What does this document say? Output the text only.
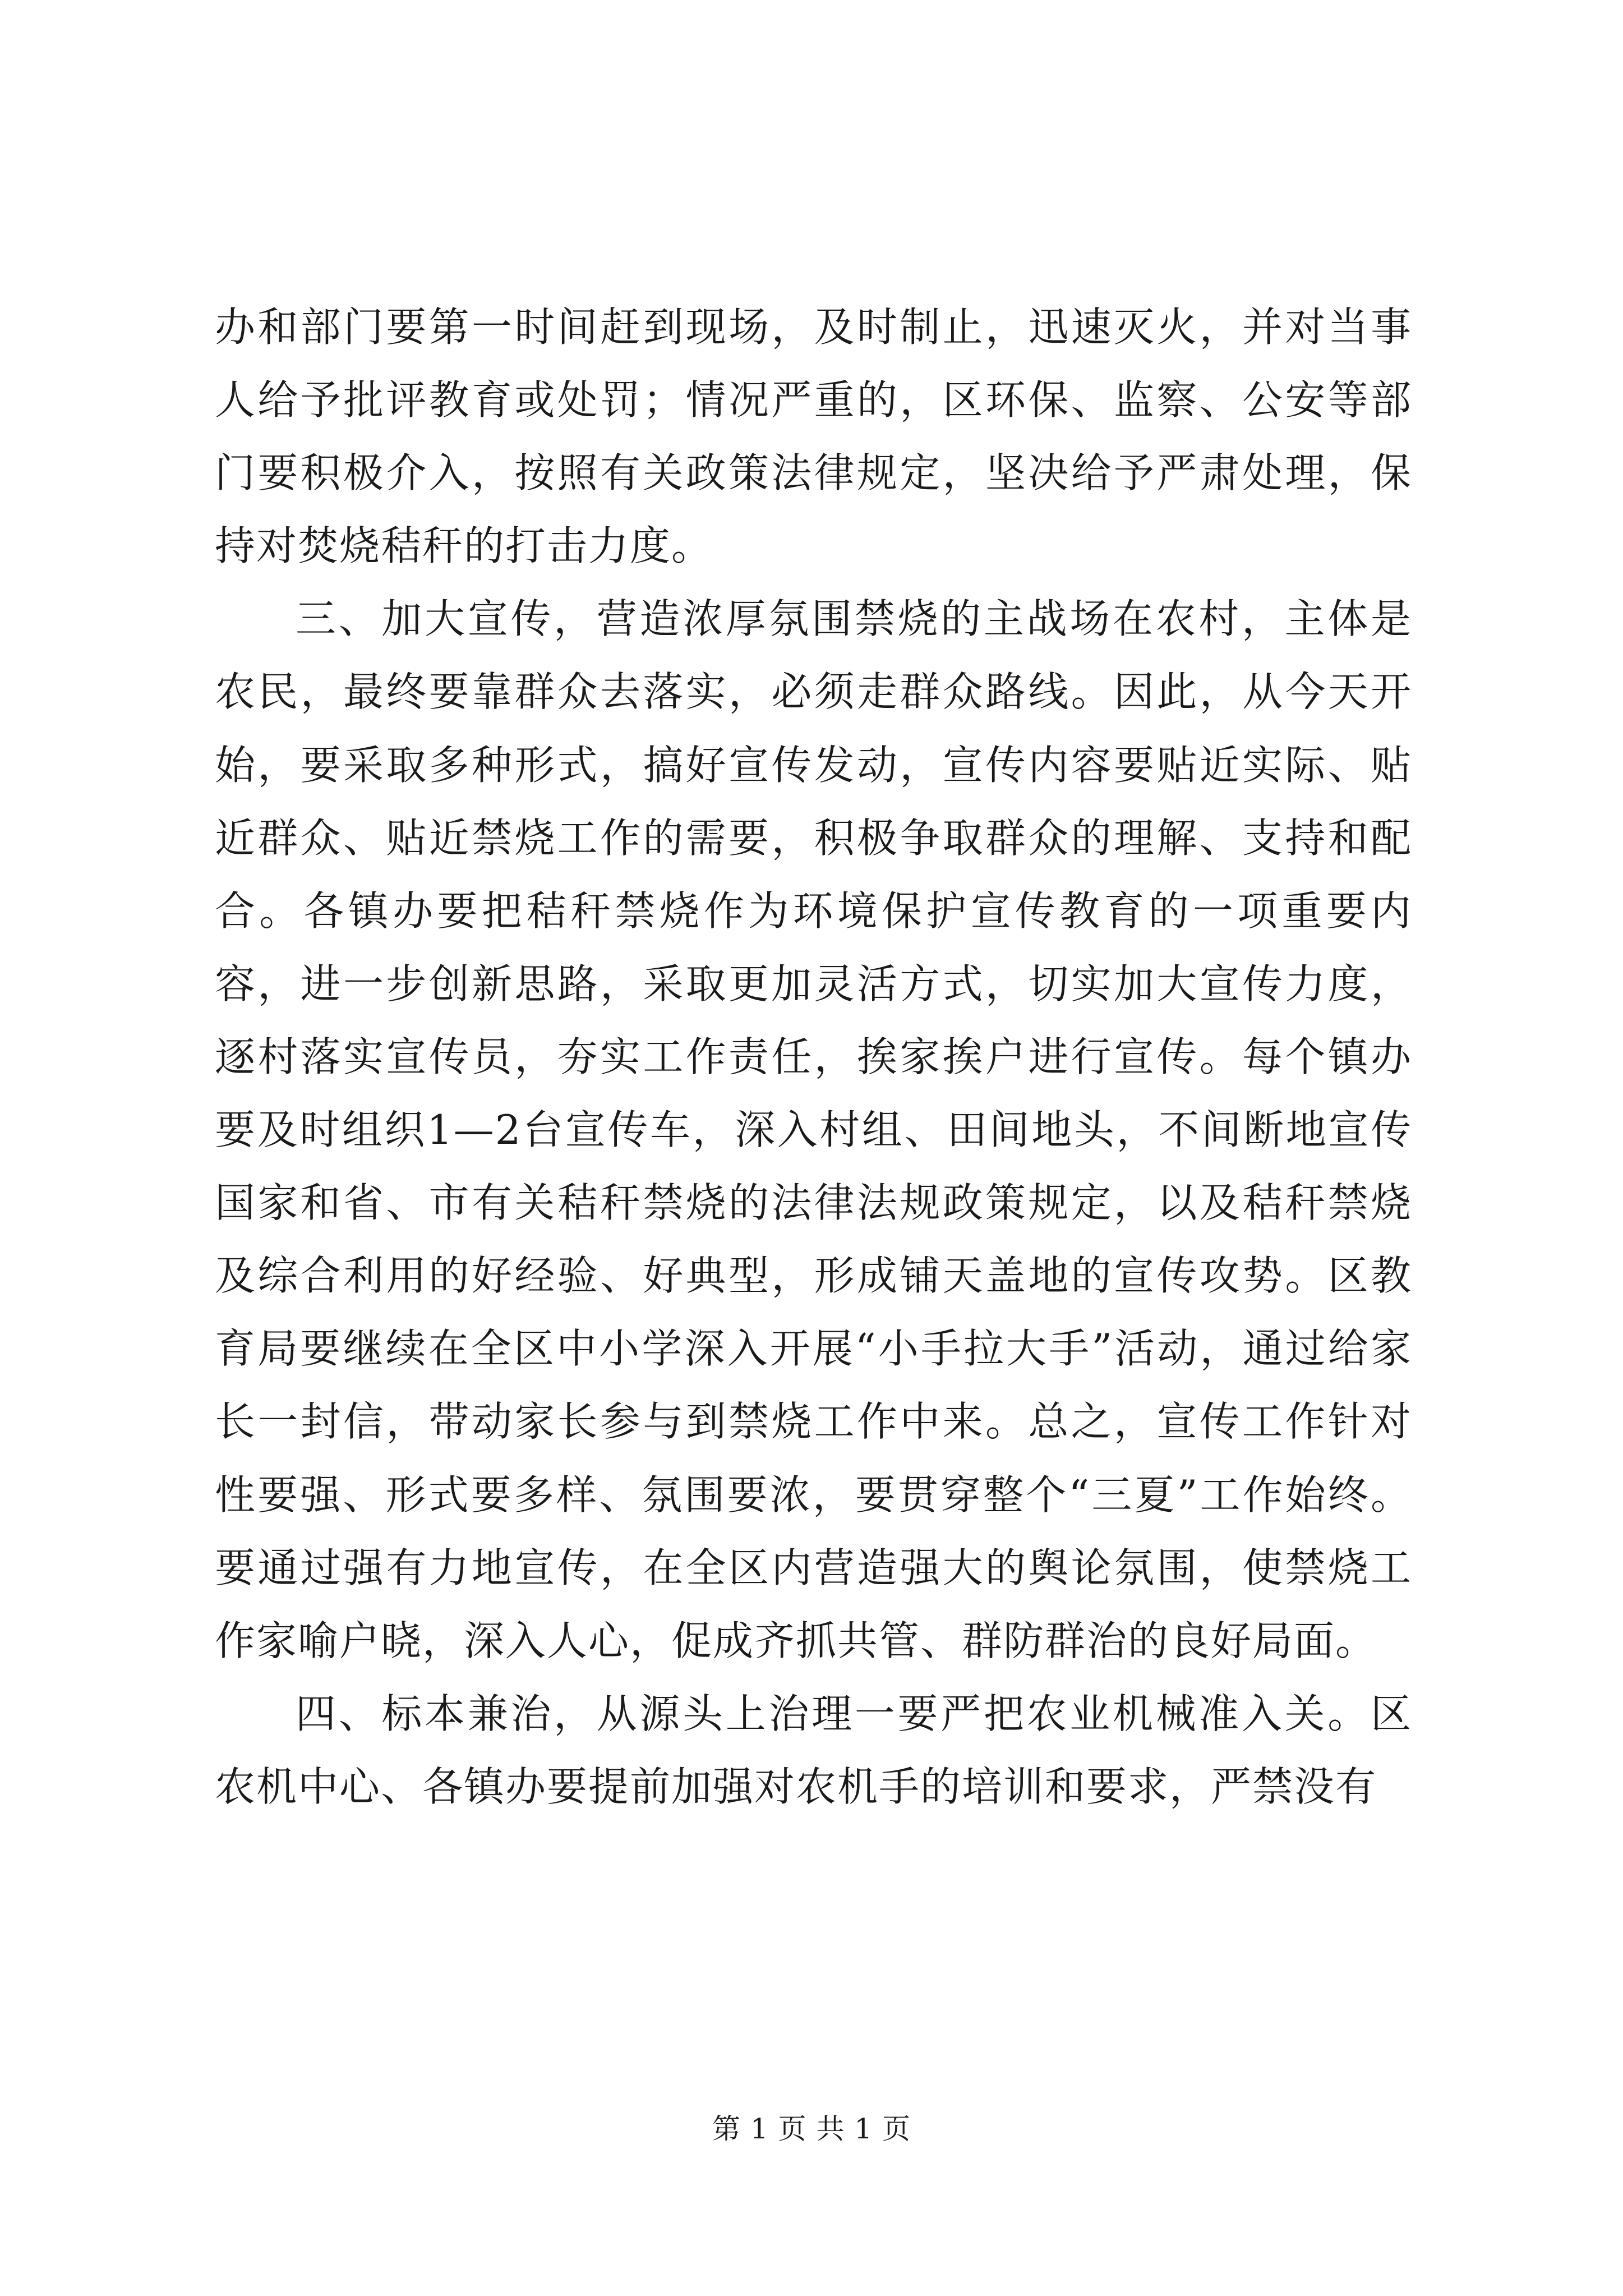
办和部门要第一时间赶到现场，及时制止，迅速灭火，并对当事人给予批评教育或处罚；情况严重的，区环保、监察、公安等部门要积极介入，按照有关政策法律规定，坚决给予严肃处理，保持对焚烧秸秆的打击力度。

三、加大宣传，营造浓厚氛围禁烧的主战场在农村，主体是农民，最终要靠群众去落实，必须走群众路线。因此，从今天开始，要采取多种形式，搞好宣传发动，宣传内容要贴近实际、贴近群众、贴近禁烧工作的需要，积极争取群众的理解、支持和配合。各镇办要把秸秆禁烧作为环境保护宣传教育的一项重要内容，进一步创新思路，采取更加灵活方式，切实加大宣传力度，逐村落实宣传员，夯实工作责任，挨家挨户进行宣传。每个镇办要及时组织1—2台宣传车，深入村组、田间地头，不间断地宣传国家和省、市有关秸秆禁烧的法律法规政策规定，以及秸秆禁烧及综合利用的好经验、好典型，形成铺天盖地的宣传攻势。区教育局要继续在全区中小学深入开展“小手拉大手”活动，通过给家长一封信，带动家长参与到禁烧工作中来。总之，宣传工作针对性要强、形式要多样、氛围要浓，要贯穿整个“三夏”工作始终。要通过强有力地宣传，在全区内营造强大的舆论氛围，使禁烧工作家喻户晓，深入人心，促成齐抓共管、群防群治的良好局面。

四、标本兼治，从源头上治理一要严把农业机械准入关。区农机中心、各镇办要提前加强对农机手的培训和要求，严禁没有

第 1 页 共 1 页
